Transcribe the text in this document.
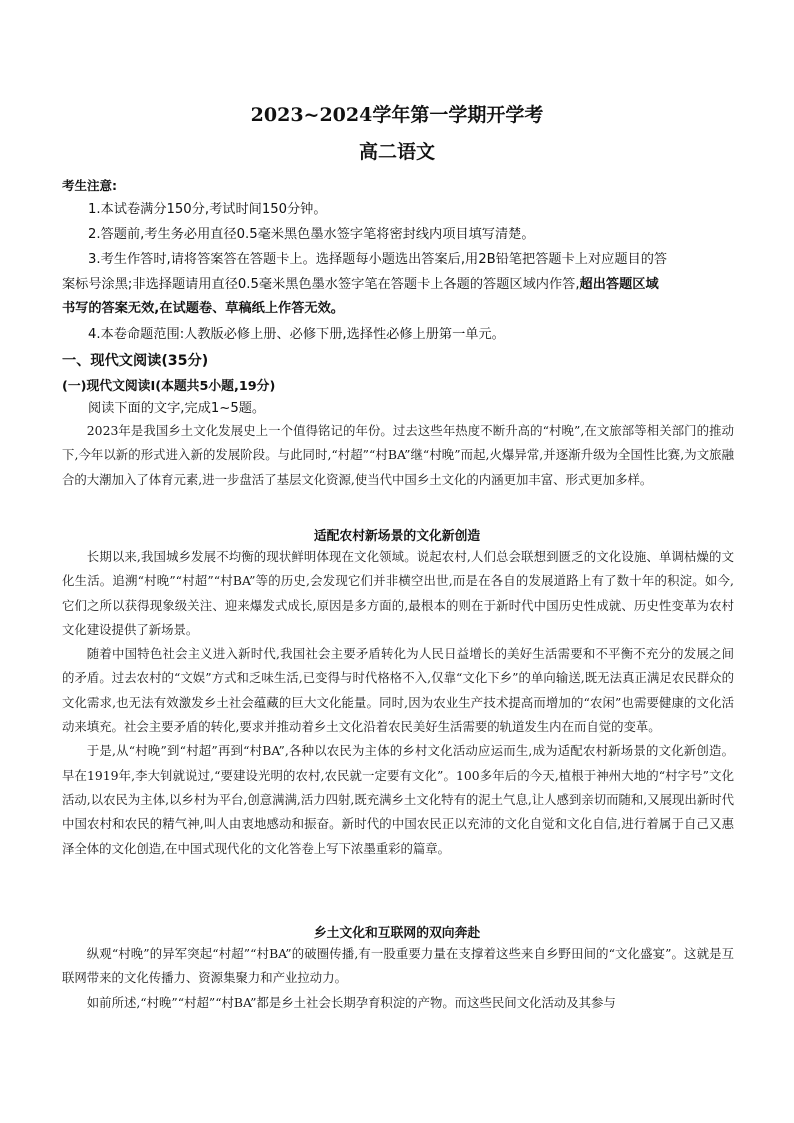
2023~2024学年第一学期开学考
高二语文
考生注意:
1.本试卷满分150分,考试时间150分钟。
2.答题前,考生务必用直径0.5毫米黑色墨水签字笔将密封线内项目填写清楚。
3.考生作答时,请将答案答在答题卡上。选择题每小题选出答案后,用2B铅笔把答题卡上对应题目的答
案标号涂黑;非选择题请用直径0.5毫米黑色墨水签字笔在答题卡上各题的答题区域内作答,超出答题区域
书写的答案无效,在试题卷、草稿纸上作答无效。
4.本卷命题范围:人教版必修上册、必修下册,选择性必修上册第一单元。
一、现代文阅读(35分)
(一)现代文阅读Ⅰ(本题共5小题,19分)
阅读下面的文字,完成1~5题。

2023年是我国乡土文化发展史上一个值得铭记的年份。过去这些年热度不断升高的“村晚”,在文旅部等相关部门的推动下,今年以新的形式进入新的发展阶段。与此同时,“村超”“村BA”继“村晚”而起,火爆异常,并逐渐升级为全国性比赛,为文旅融合的大潮加入了体育元素,进一步盘活了基层文化资源,使当代中国乡土文化的内涵更加丰富、形式更加多样。

适配农村新场景的文化新创造

长期以来,我国城乡发展不均衡的现状鲜明体现在文化领域。说起农村,人们总会联想到匮乏的文化设施、单调枯燥的文化生活。追溯“村晚”“村超”“村BA”等的历史,会发现它们并非横空出世,而是在各自的发展道路上有了数十年的积淀。如今,它们之所以获得现象级关注、迎来爆发式成长,原因是多方面的,最根本的则在于新时代中国历史性成就、历史性变革为农村文化建设提供了新场景。

随着中国特色社会主义进入新时代,我国社会主要矛盾转化为人民日益增长的美好生活需要和不平衡不充分的发展之间的矛盾。过去农村的“文娱”方式和乏味生活,已变得与时代格格不入,仅靠“文化下乡”的单向输送,既无法真正满足农民群众的文化需求,也无法有效激发乡土社会蕴藏的巨大文化能量。同时,因为农业生产技术提高而增加的“农闲”也需要健康的文化活动来填充。社会主要矛盾的转化,要求并推动着乡土文化沿着农民美好生活需要的轨道发生内在而自觉的变革。

于是,从“村晚”到“村超”再到“村BA”,各种以农民为主体的乡村文化活动应运而生,成为适配农村新场景的文化新创造。早在1919年,李大钊就说过,“要建设光明的农村,农民就一定要有文化”。100多年后的今天,植根于神州大地的“村字号”文化活动,以农民为主体,以乡村为平台,创意满满,活力四射,既充满乡土文化特有的泥土气息,让人感到亲切而随和,又展现出新时代中国农村和农民的精气神,叫人由衷地感动和振奋。新时代的中国农民正以充沛的文化自觉和文化自信,进行着属于自己又惠泽全体的文化创造,在中国式现代化的文化答卷上写下浓墨重彩的篇章。

乡土文化和互联网的双向奔赴

纵观“村晚”的异军突起“村超”“村BA”的破圈传播,有一股重要力量在支撑着这些来自乡野田间的“文化盛宴”。这就是互联网带来的文化传播力、资源集聚力和产业拉动力。

如前所述,“村晚”“村超”“村BA”都是乡土社会长期孕育积淀的产物。而这些民间文化活动及其参与
